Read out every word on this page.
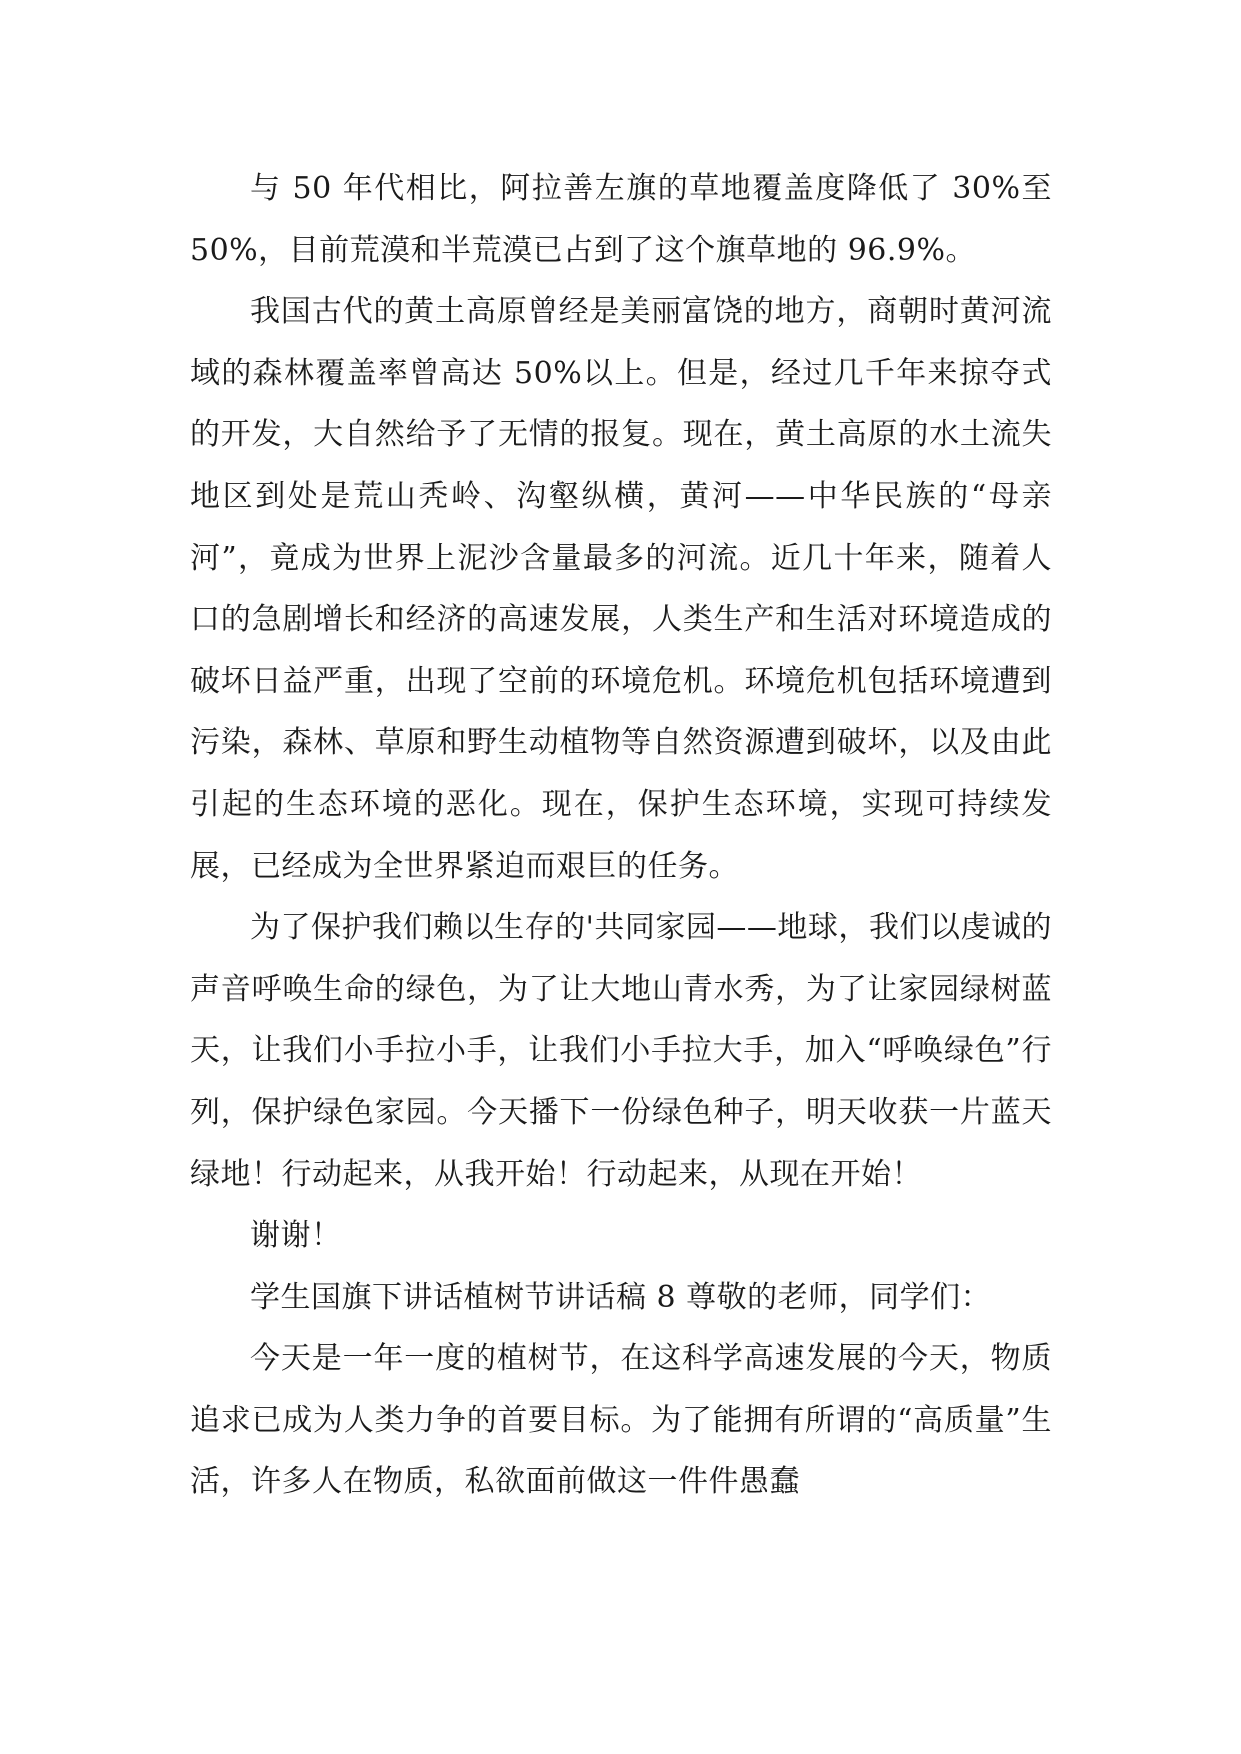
与 50 年代相比，阿拉善左旗的草地覆盖度降低了 30%至 50%，目前荒漠和半荒漠已占到了这个旗草地的 96.9%。

我国古代的黄土高原曾经是美丽富饶的地方，商朝时黄河流域的森林覆盖率曾高达 50%以上。但是，经过几千年来掠夺式的开发，大自然给予了无情的报复。现在，黄土高原的水土流失地区到处是荒山秃岭、沟壑纵横，黄河——中华民族的“母亲河”，竟成为世界上泥沙含量最多的河流。近几十年来，随着人口的急剧增长和经济的高速发展，人类生产和生活对环境造成的破坏日益严重，出现了空前的环境危机。环境危机包括环境遭到污染，森林、草原和野生动植物等自然资源遭到破坏，以及由此引起的生态环境的恶化。现在，保护生态环境，实现可持续发展，已经成为全世界紧迫而艰巨的任务。

为了保护我们赖以生存的'共同家园——地球，我们以虔诚的声音呼唤生命的绿色，为了让大地山青水秀，为了让家园绿树蓝天，让我们小手拉小手，让我们小手拉大手，加入“呼唤绿色”行列，保护绿色家园。今天播下一份绿色种子，明天收获一片蓝天绿地！行动起来，从我开始！行动起来，从现在开始！

谢谢！

学生国旗下讲话植树节讲话稿 8 尊敬的老师，同学们：

今天是一年一度的植树节，在这科学高速发展的今天，物质追求已成为人类力争的首要目标。为了能拥有所谓的“高质量”生活，许多人在物质，私欲面前做这一件件愚蠢
